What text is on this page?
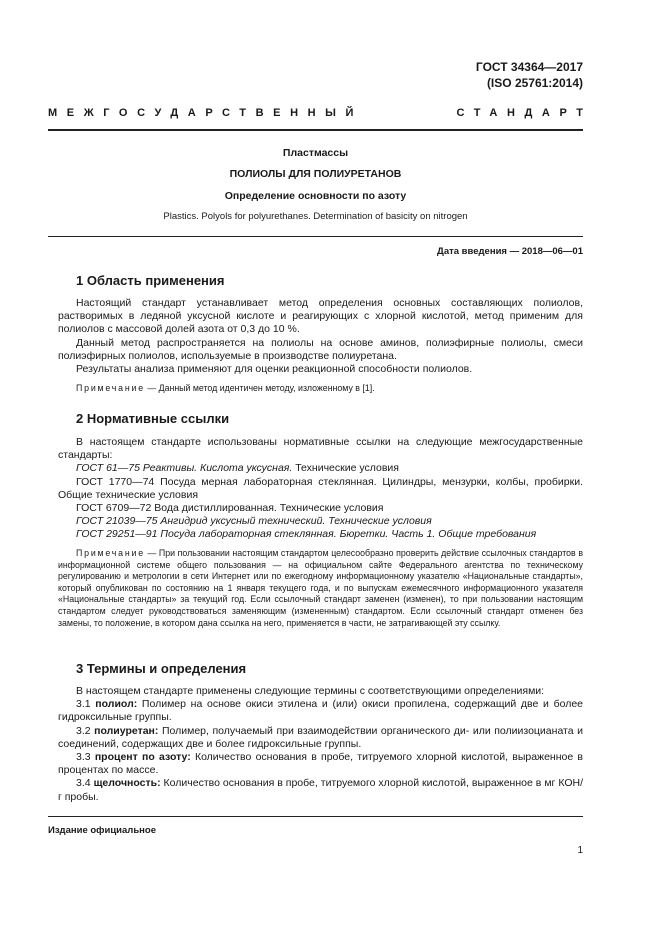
ГОСТ 34364—2017
(ISO 25761:2014)
МЕЖГОСУДАРСТВЕННЫЙ	СТАНДАРТ
Пластмассы
ПОЛИОЛЫ ДЛЯ ПОЛИУРЕТАНОВ
Определение основности по азоту
Plastics. Polyols for polyurethanes. Determination of basicity on nitrogen
Дата введения — 2018—06—01
1 Область применения

Настоящий стандарт устанавливает метод определения основных составляющих полиолов, растворимых в ледяной уксусной кислоте и реагирующих с хлорной кислотой, метод применим для полиолов с массовой долей азота от 0,3 до 10 %.

Данный метод распространяется на полиолы на основе аминов, полиэфирные полиолы, смеси полиэфирных полиолов, используемые в производстве полиуретана.

Результаты анализа применяют для оценки реакционной способности полиолов.

Примечание — Данный метод идентичен методу, изложенному в [1].

2 Нормативные ссылки

В настоящем стандарте использованы нормативные ссылки на следующие межгосударственные стандарты:

ГОСТ 61—75 Реактивы. Кислота уксусная. Технические условия

ГОСТ 1770—74 Посуда мерная лабораторная стеклянная. Цилиндры, мензурки, колбы, пробирки. Общие технические условия

ГОСТ 6709—72 Вода дистиллированная. Технические условия

ГОСТ 21039—75 Ангидрид уксусный технический. Технические условия

ГОСТ 29251—91 Посуда лабораторная стеклянная. Бюретки. Часть 1. Общие требования

Примечание — При пользовании настоящим стандартом целесообразно проверить действие ссылочных стандартов в информационной системе общего пользования — на официальном сайте Федерального агентства по техническому регулированию и метрологии в сети Интернет или по ежегодному информационному указателю «Национальные стандарты», который опубликован по состоянию на 1 января текущего года, и по выпускам ежемесячного информационного указателя «Национальные стандарты» за текущий год. Если ссылочный стандарт заменен (изменен), то при пользовании настоящим стандартом следует руководствоваться заменяющим (измененным) стандартом. Если ссылочный стандарт отменен без замены, то положение, в котором дана ссылка на него, применяется в части, не затрагивающей эту ссылку.

3 Термины и определения

В настоящем стандарте применены следующие термины с соответствующими определениями:

3.1 полиол: Полимер на основе окиси этилена и (или) окиси пропилена, содержащий две и более гидроксильные группы.

3.2 полиуретан: Полимер, получаемый при взаимодействии органического ди- или полиизоцианата и соединений, содержащих две и более гидроксильные группы.

3.3 процент по азоту: Количество основания в пробе, титруемого хлорной кислотой, выраженное в процентах по массе.

3.4 щелочность: Количество основания в пробе, титруемого хлорной кислотой, выраженное в мг КОН/г пробы.

Издание официальное
1
